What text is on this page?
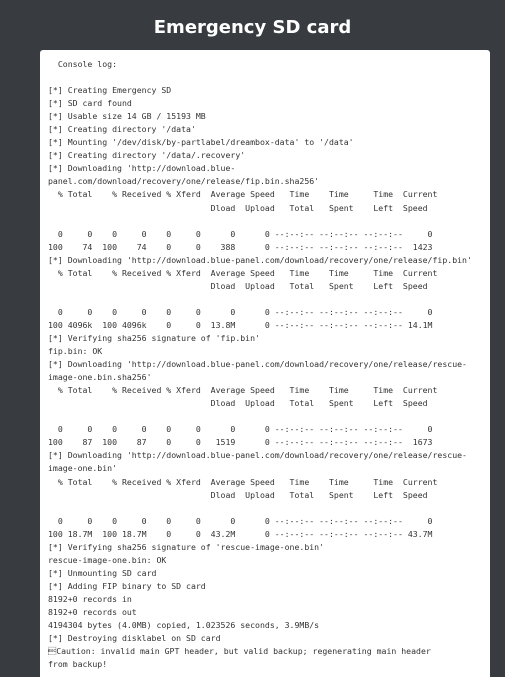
Emergency SD card
Console log:
[*] Creating Emergency SD
[*] SD card found
[*] Usable size 14 GB / 15193 MB
[*] Creating directory '/data'
[*] Mounting '/dev/disk/by-partlabel/dreambox-data' to '/data'
[*] Creating directory '/data/.recovery'
[*] Downloading 'http://download.blue-
panel.com/download/recovery/one/release/fip.bin.sha256'
% Total    % Received % Xferd  Average Speed   Time    Time     Time  Current
Dload  Upload   Total   Spent    Left  Speed
0     0    0     0    0     0      0      0 --:--:-- --:--:-- --:--:--     0
100    74  100    74    0     0    388      0 --:--:-- --:--:-- --:--:--  1423
[*] Downloading 'http://download.blue-panel.com/download/recovery/one/release/fip.bin'
% Total    % Received % Xferd  Average Speed   Time    Time     Time  Current
Dload  Upload   Total   Spent    Left  Speed
0     0    0     0    0     0      0      0 --:--:-- --:--:-- --:--:--     0
100 4096k  100 4096k    0     0  13.8M      0 --:--:-- --:--:-- --:--:-- 14.1M
[*] Verifying sha256 signature of 'fip.bin'
fip.bin: OK
[*] Downloading 'http://download.blue-panel.com/download/recovery/one/release/rescue-
image-one.bin.sha256'
% Total    % Received % Xferd  Average Speed   Time    Time     Time  Current
Dload  Upload   Total   Spent    Left  Speed
0     0    0     0    0     0      0      0 --:--:-- --:--:-- --:--:--     0
100    87  100    87    0     0   1519      0 --:--:-- --:--:-- --:--:--  1673
[*] Downloading 'http://download.blue-panel.com/download/recovery/one/release/rescue-
image-one.bin'
% Total    % Received % Xferd  Average Speed   Time    Time     Time  Current
Dload  Upload   Total   Spent    Left  Speed
0     0    0     0    0     0      0      0 --:--:-- --:--:-- --:--:--     0
100 18.7M  100 18.7M    0     0  43.2M      0 --:--:-- --:--:-- --:--:-- 43.7M
[*] Verifying sha256 signature of 'rescue-image-one.bin'
rescue-image-one.bin: OK
[*] Unmounting SD card
[*] Adding FIP binary to SD card
8192+0 records in
8192+0 records out
4194304 bytes (4.0MB) copied, 1.023526 seconds, 3.9MB/s
[*] Destroying disklabel on SD card
Caution: invalid main GPT header, but valid backup; regenerating main header
from backup!
